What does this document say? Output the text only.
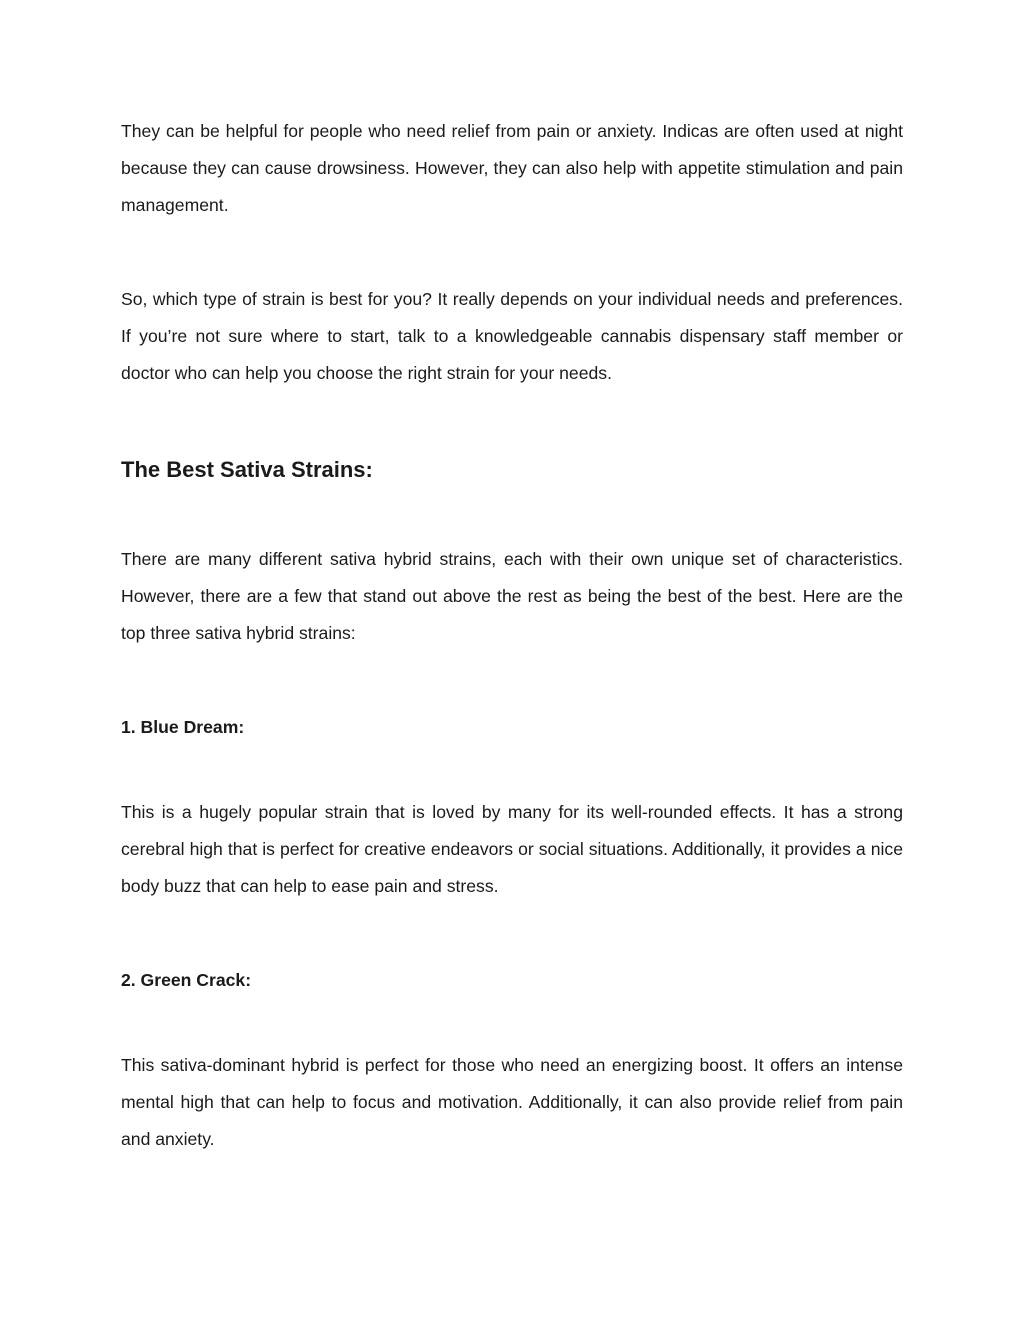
They can be helpful for people who need relief from pain or anxiety. Indicas are often used at night because they can cause drowsiness. However, they can also help with appetite stimulation and pain management.

So, which type of strain is best for you? It really depends on your individual needs and preferences. If you’re not sure where to start, talk to a knowledgeable cannabis dispensary staff member or doctor who can help you choose the right strain for your needs.

The Best Sativa Strains:

There are many different sativa hybrid strains, each with their own unique set of characteristics. However, there are a few that stand out above the rest as being the best of the best. Here are the top three sativa hybrid strains:

1. Blue Dream:

This is a hugely popular strain that is loved by many for its well-rounded effects. It has a strong cerebral high that is perfect for creative endeavors or social situations. Additionally, it provides a nice body buzz that can help to ease pain and stress.

2. Green Crack:

This sativa-dominant hybrid is perfect for those who need an energizing boost. It offers an intense mental high that can help to focus and motivation. Additionally, it can also provide relief from pain and anxiety.
